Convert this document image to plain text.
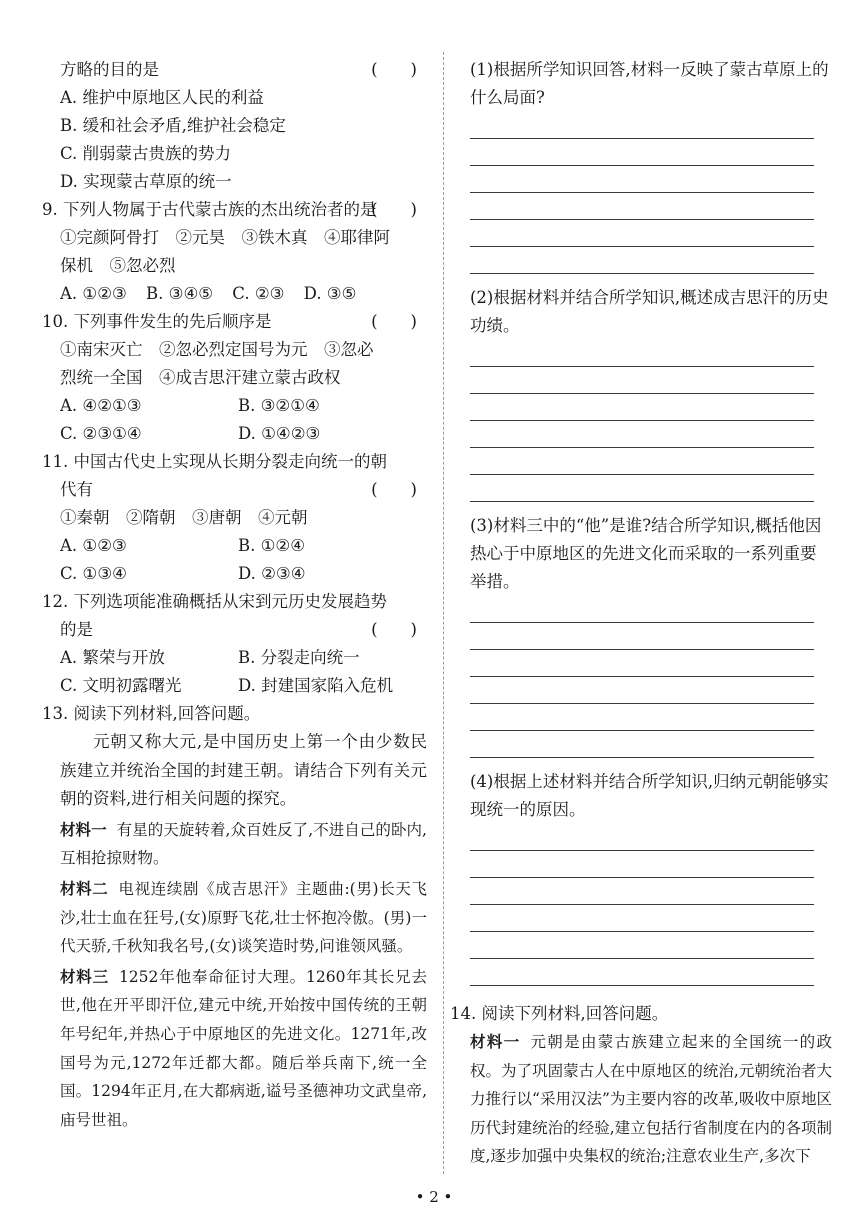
方略的目的是	(　　)
A. 维护中原地区人民的利益
B. 缓和社会矛盾,维护社会稳定
C. 削弱蒙古贵族的势力
D. 实现蒙古草原的统一
9. 下列人物属于古代蒙古族的杰出统治者的是
(　　)
①完颜阿骨打　②元昊　③铁木真　④耶律阿
保机　⑤忽必烈
A. ①②③ B. ③④⑤ C. ②③ D. ③⑤
10. 下列事件发生的先后顺序是	(　　)
①南宋灭亡　②忽必烈定国号为元　③忽必
烈统一全国　④成吉思汗建立蒙古政权
A. ④②①③	B. ③②①④
C. ②③①④	D. ①④②③
11. 中国古代史上实现从长期分裂走向统一的朝
代有	(　　)
①秦朝　②隋朝　③唐朝　④元朝
A. ①②③	B. ①②④
C. ①③④	D. ②③④
12. 下列选项能准确概括从宋到元历史发展趋势
的是	(　　)
A. 繁荣与开放	B. 分裂走向统一
C. 文明初露曙光	D. 封建国家陷入危机
13. 阅读下列材料,回答问题。
元朝又称大元,是中国历史上第一个由少数民族建立并统治全国的封建王朝。请结合下列有关元朝的资料,进行相关问题的探究。
材料一 有星的天旋转着,众百姓反了,不进自己的卧内,互相抢掠财物。
材料二 电视连续剧《成吉思汗》主题曲:(男)长天飞沙,壮士血在狂号,(女)原野飞花,壮士怀抱冷傲。(男)一代天骄,千秋知我名号,(女)谈笑造时势,问谁领风骚。
材料三 1252年他奉命征讨大理。1260年其长兄去世,他在开平即汗位,建元中统,开始按中国传统的王朝年号纪年,并热心于中原地区的先进文化。1271年,改国号为元,1272年迁都大都。随后举兵南下,统一全国。1294年正月,在大都病逝,谥号圣德神功文武皇帝,庙号世祖。
(1)根据所学知识回答,材料一反映了蒙古草原上的什么局面?
(2)根据材料并结合所学知识,概述成吉思汗的历史功绩。
(3)材料三中的“他”是谁?结合所学知识,概括他因热心于中原地区的先进文化而采取的一系列重要举措。
(4)根据上述材料并结合所学知识,归纳元朝能够实现统一的原因。
14. 阅读下列材料,回答问题。
材料一 元朝是由蒙古族建立起来的全国统一的政权。为了巩固蒙古人在中原地区的统治,元朝统治者大力推行以“采用汉法”为主要内容的改革,吸收中原地区历代封建统治的经验,建立包括行省制度在内的各项制度,逐步加强中央集权的统治;注意农业生产,多次下
• 2 •
